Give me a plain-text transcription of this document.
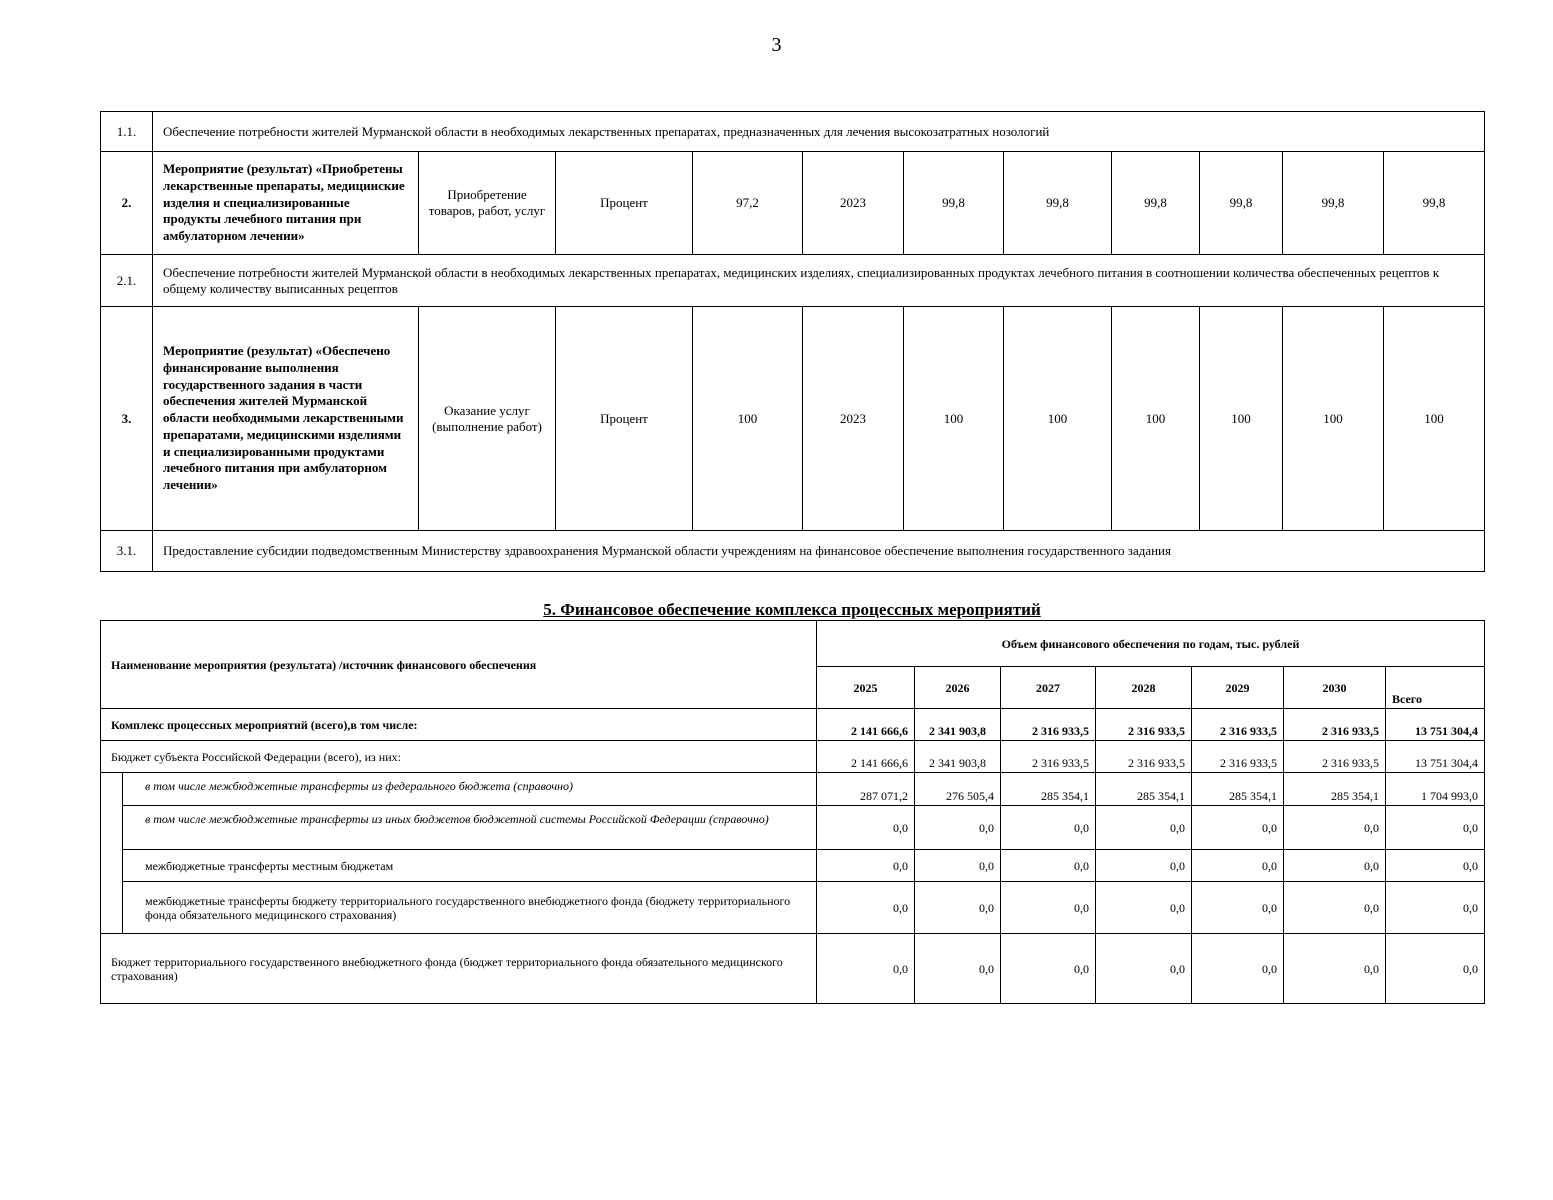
3
1.1.	Обеспечение потребности жителей Мурманской области в необходимых лекарственных препаратах, предназначенных для лечения высокозатратных нозологий										
2.	Мероприятие (результат) «Приобретены лекарственные препараты, медицинские изделия и специализированные продукты лечебного питания при амбулаторном лечении»	Приобретение товаров, работ, услуг	Процент	97,2	2023	99,8	99,8	99,8	99,8	99,8	99,8
2.1.	Обеспечение потребности жителей Мурманской области в необходимых лекарственных препаратах, медицинских изделиях, специализированных продуктах лечебного питания в соотношении количества обеспеченных рецептов к общему количеству выписанных рецептов										
3.	Мероприятие (результат) «Обеспечено финансирование выполнения государственного задания в части обеспечения жителей Мурманской области необходимыми лекарственными препаратами, медицинскими изделиями и специализированными продуктами лечебного питания при амбулаторном лечении»	Оказание услуг (выполнение работ)	Процент	100	2023	100	100	100	100	100	100
3.1.	Предоставление субсидии подведомственным Министерству здравоохранения Мурманской области учреждениям на финансовое обеспечение выполнения государственного задания										
5. Финансовое обеспечение комплекса процессных мероприятий
Наименование мероприятия (результата) /источник финансового обеспечения		Объем финансового обеспечения по годам, тыс. рублей						
		2025	2026	2027	2028	2029	2030	Всего
Комплекс процессных мероприятий (всего),в том числе:		2 141 666,6	2 341 903,8	2 316 933,5	2 316 933,5	2 316 933,5	2 316 933,5	13 751 304,4
Бюджет субъекта Российской Федерации (всего), из них:		2 141 666,6	2 341 903,8	2 316 933,5	2 316 933,5	2 316 933,5	2 316 933,5	13 751 304,4
	в том числе межбюджетные трансферты из федерального бюджета (справочно)	287 071,2	276 505,4	285 354,1	285 354,1	285 354,1	285 354,1	1 704 993,0
	в том числе межбюджетные трансферты из иных бюджетов бюджетной системы Российской Федерации (справочно)	0,0	0,0	0,0	0,0	0,0	0,0	0,0
	межбюджетные трансферты местным бюджетам	0,0	0,0	0,0	0,0	0,0	0,0	0,0
	межбюджетные трансферты бюджету территориального государственного внебюджетного фонда (бюджету территориального фонда обязательного медицинского страхования)	0,0	0,0	0,0	0,0	0,0	0,0	0,0
Бюджет территориального государственного внебюджетного фонда (бюджет территориального фонда обязательного медицинского страхования)		0,0	0,0	0,0	0,0	0,0	0,0	0,0
